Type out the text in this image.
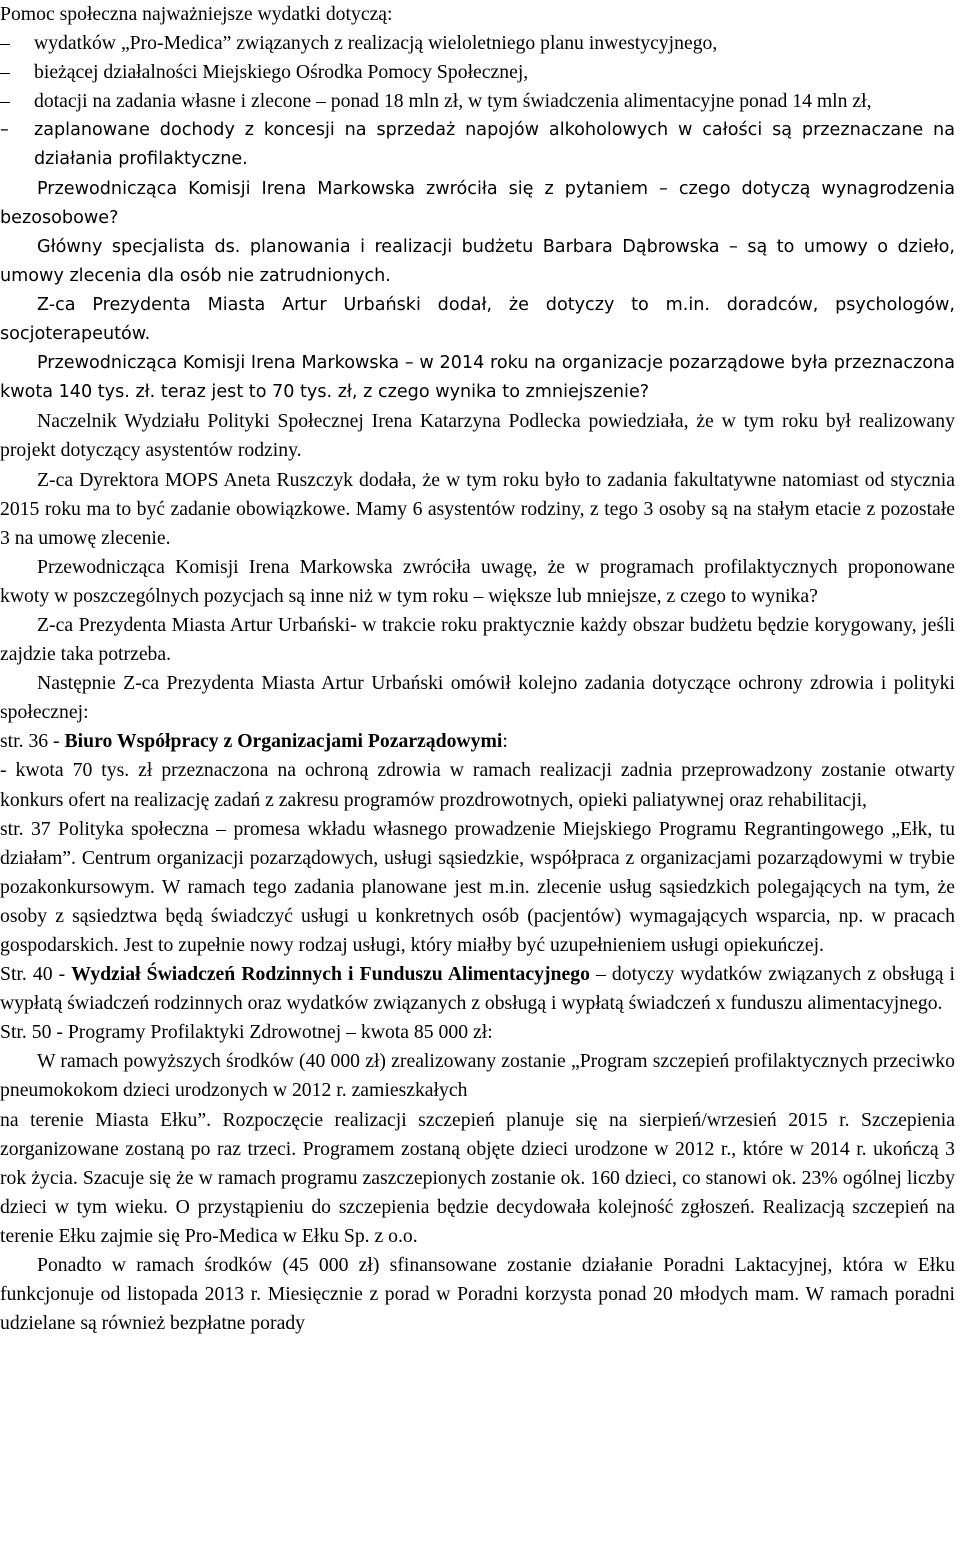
Pomoc społeczna najważniejsze wydatki dotyczą:

– wydatków „Pro-Medica” związanych z realizacją wieloletniego planu inwestycyjnego,
– bieżącej działalności Miejskiego Ośrodka Pomocy Społecznej,
– dotacji na zadania własne i zlecone – ponad 18 mln zł, w tym świadczenia alimentacyjne ponad 14 mln zł,
– zaplanowane dochody z koncesji na sprzedaż napojów alkoholowych w całości są przeznaczane na działania profilaktyczne.

Przewodnicząca Komisji Irena Markowska zwróciła się z pytaniem – czego dotyczą wynagrodzenia bezosobowe?

Główny specjalista ds. planowania i realizacji budżetu Barbara Dąbrowska – są to umowy o dzieło, umowy zlecenia dla osób nie zatrudnionych.

Z-ca Prezydenta Miasta Artur Urbański dodał, że dotyczy to m.in. doradców, psychologów, socjoterapeutów.

Przewodnicząca Komisji Irena Markowska – w 2014 roku na organizacje pozarządowe była przeznaczona kwota 140 tys. zł. teraz jest to 70 tys. zł, z czego wynika to zmniejszenie?

Naczelnik Wydziału Polityki Społecznej Irena Katarzyna Podlecka powiedziała, że w tym roku był realizowany projekt dotyczący asystentów rodziny.

Z-ca Dyrektora MOPS Aneta Ruszczyk dodała, że w tym roku było to zadania fakultatywne natomiast od stycznia 2015 roku ma to być zadanie obowiązkowe. Mamy 6 asystentów rodziny, z tego 3 osoby są na stałym etacie z pozostałe 3 na umowę zlecenie.

Przewodnicząca Komisji Irena Markowska zwróciła uwagę, że w programach profilaktycznych proponowane kwoty w poszczególnych pozycjach są inne niż w tym roku – większe lub mniejsze, z czego to wynika?

Z-ca Prezydenta Miasta Artur Urbański- w trakcie roku praktycznie każdy obszar budżetu będzie korygowany, jeśli zajdzie taka potrzeba.

Następnie Z-ca Prezydenta Miasta Artur Urbański omówił kolejno zadania dotyczące ochrony zdrowia i polityki społecznej:

str. 36 - Biuro Współpracy z Organizacjami Pozarządowymi:

- kwota 70 tys. zł przeznaczona na ochroną zdrowia w ramach realizacji zadnia przeprowadzony zostanie otwarty konkurs ofert na realizację zadań z zakresu programów prozdrowotnych, opieki paliatywnej oraz rehabilitacji,

str. 37 Polityka społeczna – promesa wkładu własnego prowadzenie Miejskiego Programu Regrantingowego „Ełk, tu działam”. Centrum organizacji pozarządowych, usługi sąsiedzkie, współpraca z organizacjami pozarządowymi w trybie pozakonkursowym. W ramach tego zadania planowane jest m.in. zlecenie usług sąsiedzkich polegających na tym, że osoby z sąsiedztwa będą świadczyć usługi u konkretnych osób (pacjentów) wymagających wsparcia, np. w pracach gospodarskich. Jest to zupełnie nowy rodzaj usługi, który miałby być uzupełnieniem usługi opiekuńczej.

Str. 40 - Wydział Świadczeń Rodzinnych i Funduszu Alimentacyjnego – dotyczy wydatków związanych z obsługą i wypłatą świadczeń rodzinnych oraz wydatków związanych z obsługą i wypłatą świadczeń x funduszu alimentacyjnego.

Str. 50 - Programy Profilaktyki Zdrowotnej – kwota 85 000 zł:

W ramach powyższych środków (40 000 zł) zrealizowany zostanie „Program szczepień profilaktycznych przeciwko pneumokokom dzieci urodzonych w 2012 r. zamieszkałych

na terenie Miasta Ełku”. Rozpoczęcie realizacji szczepień planuje się na sierpień/wrzesień 2015 r. Szczepienia zorganizowane zostaną po raz trzeci. Programem zostaną objęte dzieci urodzone w 2012 r., które w 2014 r. ukończą 3 rok życia. Szacuje się że w ramach programu zaszczepionych zostanie ok. 160 dzieci, co stanowi ok. 23% ogólnej liczby dzieci w tym wieku. O przystąpieniu do szczepienia będzie decydowała kolejność zgłoszeń. Realizacją szczepień na terenie Ełku zajmie się Pro-Medica w Ełku Sp. z o.o.

Ponadto w ramach środków (45 000 zł) sfinansowane zostanie działanie Poradni Laktacyjnej, która w Ełku funkcjonuje od listopada 2013 r. Miesięcznie z porad w Poradni korzysta ponad 20 młodych mam. W ramach poradni udzielane są również bezpłatne porady
